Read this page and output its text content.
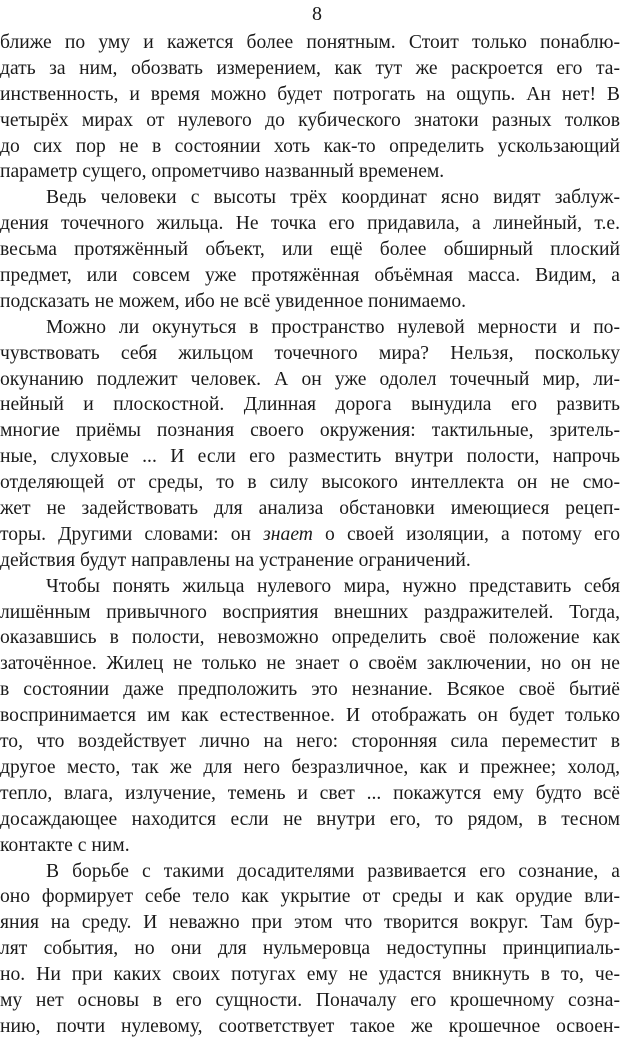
8
ближе по уму и кажется более понятным. Стоит только понаблю-
дать за ним, обозвать измерением, как тут же раскроется его та-
инственность, и время можно будет потрогать на ощупь. Ан нет! В
четырёх мирах от нулевого до кубического знатоки разных толков
до сих пор не в состоянии хоть как-то определить ускользающий
параметр сущего, опрометчиво названный временем.
Ведь человеки с высоты трёх координат ясно видят заблуж-
дения точечного жильца. Не точка его придавила, а линейный, т.е.
весьма протяжённый объект, или ещё более обширный плоский
предмет, или совсем уже протяжённая объёмная масса. Видим, а
подсказать не можем, ибо не всё увиденное понимаемо.
Можно ли окунуться в пространство нулевой мерности и по-
чувствовать себя жильцом точечного мира? Нельзя, поскольку
окунанию подлежит человек. А он уже одолел точечный мир, ли-
нейный и плоскостной. Длинная дорога вынудила его развить
многие приёмы познания своего окружения: тактильные, зритель-
ные, слуховые ... И если его разместить внутри полости, напрочь
отделяющей от среды, то в силу высокого интеллекта он не смо-
жет не задействовать для анализа обстановки имеющиеся рецеп-
торы. Другими словами: он знает о своей изоляции, а потому его
действия будут направлены на устранение ограничений.
Чтобы понять жильца нулевого мира, нужно представить себя
лишённым привычного восприятия внешних раздражителей. Тогда,
оказавшись в полости, невозможно определить своё положение как
заточённое. Жилец не только не знает о своём заключении, но он не
в состоянии даже предположить это незнание. Всякое своё бытиё
воспринимается им как естественное. И отображать он будет только
то, что воздействует лично на него: сторонняя сила переместит в
другое место, так же для него безразличное, как и прежнее; холод,
тепло, влага, излучение, темень и свет ... покажутся ему будто всё
досаждающее находится если не внутри его, то рядом, в тесном
контакте с ним.
В борьбе с такими досадителями развивается его сознание, а
оно формирует себе тело как укрытие от среды и как орудие вли-
яния на среду. И неважно при этом что творится вокруг. Там бур-
лят события, но они для нульмеровца недоступны принципиаль-
но. Ни при каких своих потугах ему не удастся вникнуть в то, че-
му нет основы в его сущности. Поначалу его крошечному созна-
нию, почти нулевому, соответствует такое же крошечное освоен-
